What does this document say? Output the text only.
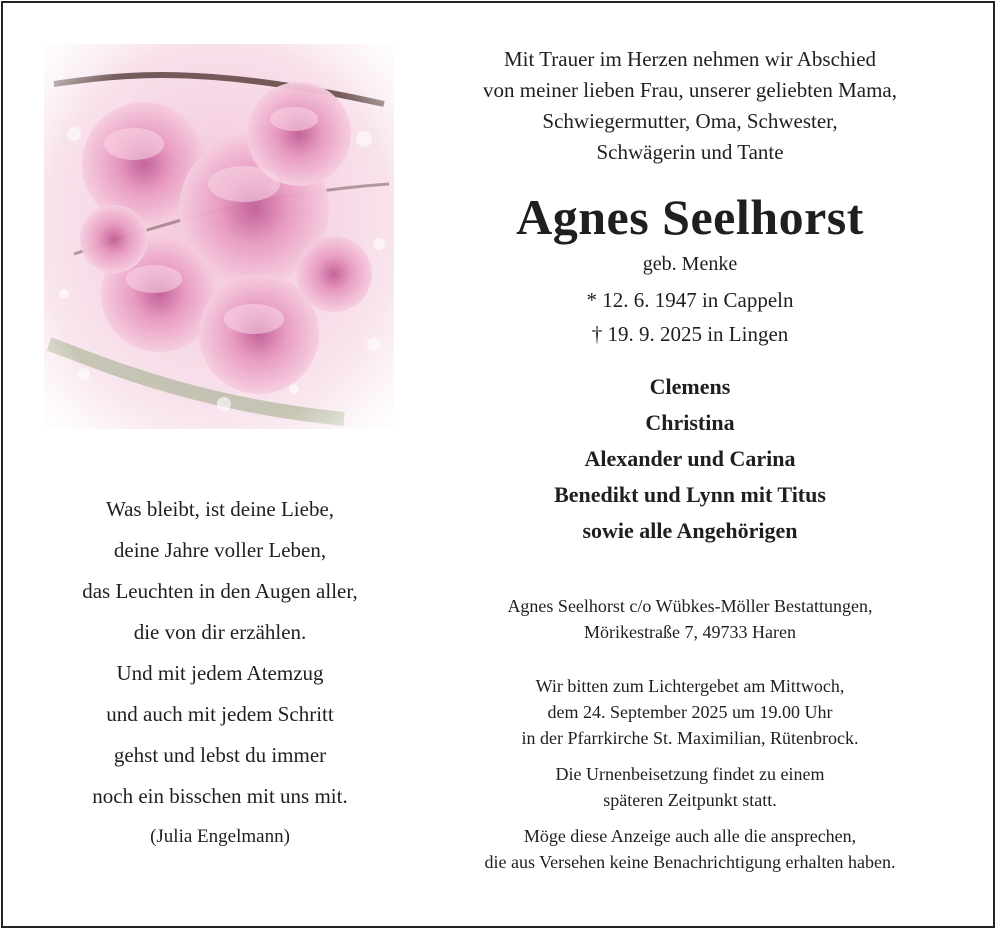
Was bleibt, ist deine Liebe,
deine Jahre voller Leben,
das Leuchten in den Augen aller,
die von dir erzählen.
Und mit jedem Atemzug
und auch mit jedem Schritt
gehst und lebst du immer
noch ein bisschen mit uns mit.
(Julia Engelmann)
Mit Trauer im Herzen nehmen wir Abschied
von meiner lieben Frau, unserer geliebten Mama,
Schwiegermutter, Oma, Schwester,
Schwägerin und Tante
Agnes Seelhorst
geb. Menke
* 12. 6. 1947 in Cappeln
† 19. 9. 2025 in Lingen
Clemens
Christina
Alexander und Carina
Benedikt und Lynn mit Titus
sowie alle Angehörigen
Agnes Seelhorst c/o Wübkes-Möller Bestattungen,
Mörikestraße 7, 49733 Haren
Wir bitten zum Lichtergebet am Mittwoch,
dem 24. September 2025 um 19.00 Uhr
in der Pfarrkirche St. Maximilian, Rütenbrock.
Die Urnenbeisetzung findet zu einem
späteren Zeitpunkt statt.
Möge diese Anzeige auch alle die ansprechen,
die aus Versehen keine Benachrichtigung erhalten haben.
